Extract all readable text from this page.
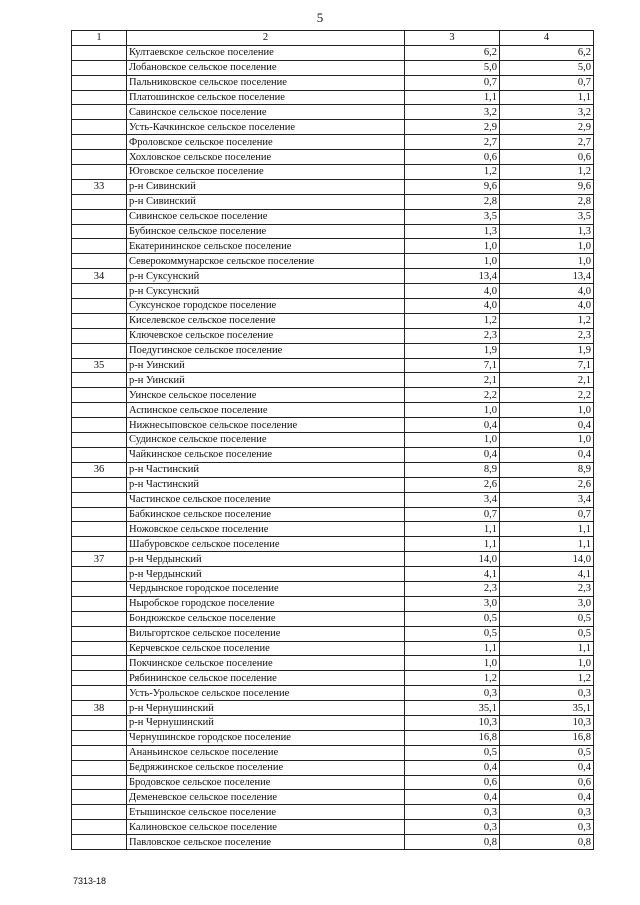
5
1	2	3	4
	Култаевское сельское поселение	6,2	6,2
	Лобановское сельское поселение	5,0	5,0
	Пальниковское сельское поселение	0,7	0,7
	Платошинское сельское поселение	1,1	1,1
	Савинское сельское поселение	3,2	3,2
	Усть-Качкинское сельское поселение	2,9	2,9
	Фроловское сельское поселение	2,7	2,7
	Хохловское сельское поселение	0,6	0,6
	Юговское сельское поселение	1,2	1,2
33	р-н Сивинский	9,6	9,6
	р-н Сивинский	2,8	2,8
	Сивинское сельское поселение	3,5	3,5
	Бубинское сельское поселение	1,3	1,3
	Екатерининское сельское поселение	1,0	1,0
	Северокоммунарское сельское поселение	1,0	1,0
34	р-н Суксунский	13,4	13,4
	р-н Суксунский	4,0	4,0
	Суксунское городское поселение	4,0	4,0
	Киселевское сельское поселение	1,2	1,2
	Ключевское сельское поселение	2,3	2,3
	Поедугинское сельское поселение	1,9	1,9
35	р-н Уинский	7,1	7,1
	р-н Уинский	2,1	2,1
	Уинское сельское поселение	2,2	2,2
	Аспинское сельское поселение	1,0	1,0
	Нижнесыповское сельское поселение	0,4	0,4
	Судинское сельское поселение	1,0	1,0
	Чайкинское сельское поселение	0,4	0,4
36	р-н Частинский	8,9	8,9
	р-н Частинский	2,6	2,6
	Частинское сельское поселение	3,4	3,4
	Бабкинское сельское поселение	0,7	0,7
	Ножовское сельское поселение	1,1	1,1
	Шабуровское сельское поселение	1,1	1,1
37	р-н Чердынский	14,0	14,0
	р-н Чердынский	4,1	4,1
	Чердынское городское поселение	2,3	2,3
	Ныробское городское поселение	3,0	3,0
	Бондюжское сельское поселение	0,5	0,5
	Вильгортское сельское поселение	0,5	0,5
	Керчевское сельское поселение	1,1	1,1
	Покчинское сельское поселение	1,0	1,0
	Рябининское сельское поселение	1,2	1,2
	Усть-Урольское сельское поселение	0,3	0,3
38	р-н Чернушинский	35,1	35,1
	р-н Чернушинский	10,3	10,3
	Чернушинское городское поселение	16,8	16,8
	Ананьинское сельское поселение	0,5	0,5
	Бедряжинское сельское поселение	0,4	0,4
	Бродовское сельское поселение	0,6	0,6
	Деменевское сельское поселение	0,4	0,4
	Етышинское сельское поселение	0,3	0,3
	Калиновское сельское поселение	0,3	0,3
	Павловское сельское поселение	0,8	0,8
7313-18
